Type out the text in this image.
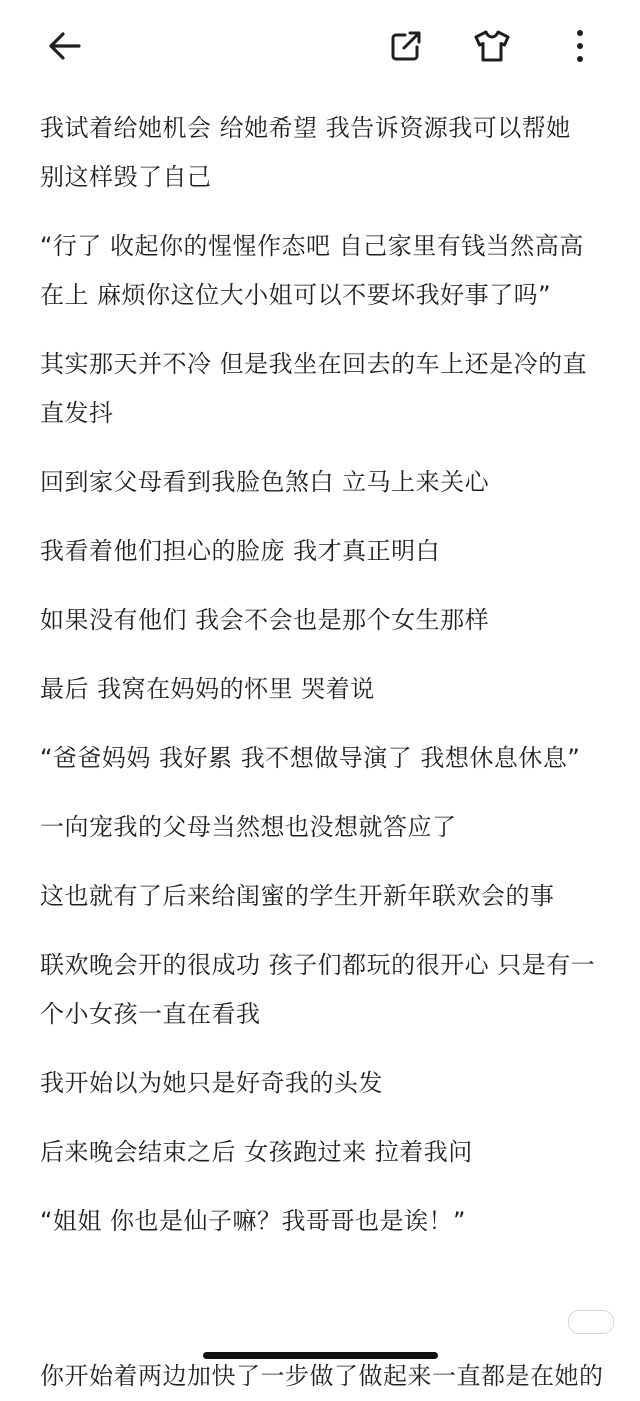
我试着给她机会 给她希望 我告诉资源我可以帮她 别这样毁了自己

“行了 收起你的惺惺作态吧 自己家里有钱当然高高在上 麻烦你这位大小姐可以不要坏我好事了吗”

其实那天并不冷 但是我坐在回去的车上还是冷的直直发抖

回到家父母看到我脸色煞白 立马上来关心

我看着他们担心的脸庞 我才真正明白

如果没有他们 我会不会也是那个女生那样

最后 我窝在妈妈的怀里 哭着说

“爸爸妈妈 我好累 我不想做导演了 我想休息休息”

一向宠我的父母当然想也没想就答应了

这也就有了后来给闺蜜的学生开新年联欢会的事

联欢晚会开的很成功 孩子们都玩的很开心 只是有一个小女孩一直在看我

我开始以为她只是好奇我的头发

后来晚会结束之后 女孩跑过来 拉着我问

“姐姐 你也是仙子嘛？我哥哥也是诶！”

你开始着两边加快了一步做了做起来一直都是在她的
